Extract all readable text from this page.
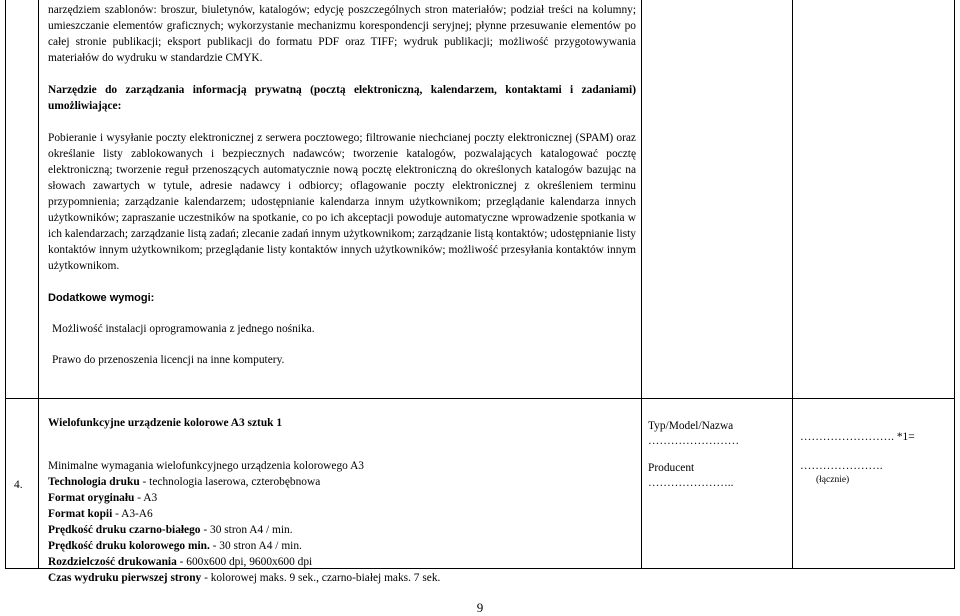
narzędziem szablonów: broszur, biuletynów, katalogów; edycję poszczególnych stron materiałów; podział treści na kolumny; umieszczanie elementów graficznych; wykorzystanie mechanizmu korespondencji seryjnej; płynne przesuwanie elementów po całej stronie publikacji; eksport publikacji do formatu PDF oraz TIFF; wydruk publikacji; możliwość przygotowywania materiałów do wydruku w standardzie CMYK.

Narzędzie do zarządzania informacją prywatną (pocztą elektroniczną, kalendarzem, kontaktami i zadaniami) umożliwiające:

Pobieranie i wysyłanie poczty elektronicznej z serwera pocztowego; filtrowanie niechcianej poczty elektronicznej (SPAM) oraz określanie listy zablokowanych i bezpiecznych nadawców; tworzenie katalogów, pozwalających katalogować pocztę elektroniczną; tworzenie reguł przenoszących automatycznie nową pocztę elektroniczną do określonych katalogów bazując na słowach zawartych w tytule, adresie nadawcy i odbiorcy; oflagowanie poczty elektronicznej z określeniem terminu przypomnienia; zarządzanie kalendarzem; udostępnianie kalendarza innym użytkownikom; przeglądanie kalendarza innych użytkowników; zapraszanie uczestników na spotkanie, co po ich akceptacji powoduje automatyczne wprowadzenie spotkania w ich kalendarzach; zarządzanie listą zadań; zlecanie zadań innym użytkownikom; zarządzanie listą kontaktów; udostępnianie listy kontaktów innym użytkownikom; przeglądanie listy kontaktów innych użytkowników; możliwość przesyłania kontaktów innym użytkownikom.

Dodatkowe wymogi:

Możliwość instalacji oprogramowania z jednego nośnika.
Prawo do przenoszenia licencji na inne komputery.
4.
Wielofunkcyjne urządzenie kolorowe A3 sztuk 1
Minimalne wymagania wielofunkcyjnego urządzenia kolorowego A3
Technologia druku - technologia laserowa, czterobębnowa
Format oryginału - A3
Format kopii - A3-A6
Prędkość druku czarno-białego - 30 stron A4 / min.
Prędkość druku kolorowego min. - 30 stron A4 / min.
Rozdzielczość drukowania - 600x600 dpi, 9600x600 dpi
Czas wydruku pierwszej strony - kolorowej maks. 9 sek., czarno-białej maks. 7 sek.
Typ/Model/Nazwa
……………………
Producent
…………………..
……………………. *1=
………………….
(łącznie)
9
